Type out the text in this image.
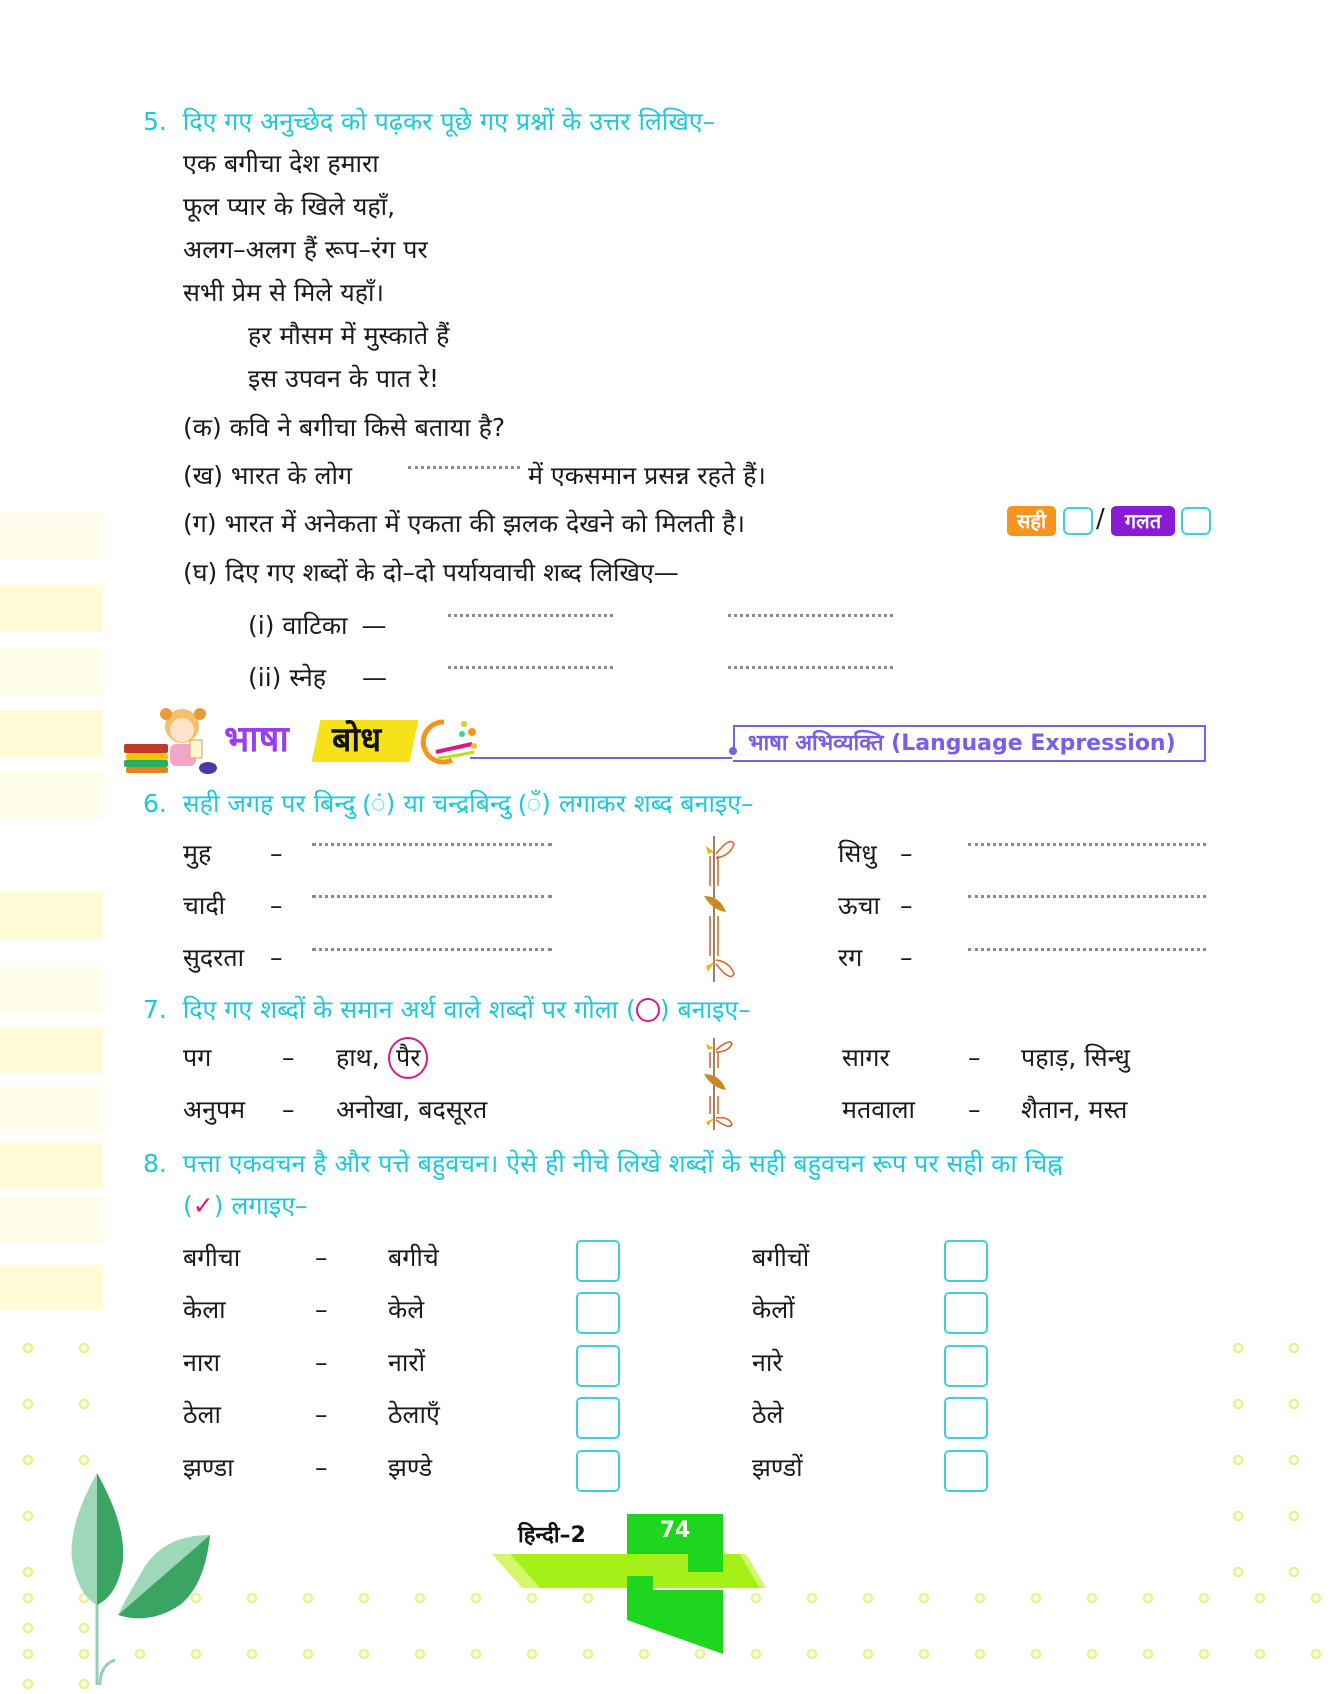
5. दिए गए अनुच्छेद को पढ़कर पूछे गए प्रश्नों के उत्तर लिखिए–
एक बगीचा देश हमारा
फूल प्यार के खिले यहाँ,
अलग–अलग हैं रूप–रंग पर
सभी प्रेम से मिले यहाँ।
हर मौसम में मुस्काते हैं
इस उपवन के पात रे!
(क) कवि ने बगीचा किसे बताया है?
(ख) भारत के लोग	में एकसमान प्रसन्न रहते हैं।
(ग) भारत में अनेकता में एकता की झलक देखने को मिलती है।	सही	/	गलत
(घ) दिए गए शब्दों के दो–दो पर्यायवाची शब्द लिखिए—
(i) वाटिका —
(ii) स्नेह —
भाषा बोध	भाषा अभिव्यक्ति (Language Expression)
6. सही जगह पर बिन्दु (ं) या चन्द्रबिन्दु (ँ) लगाकर शब्द बनाइए–
मुह –
चादी –
सुदरता –
सिधु –
ऊचा –
रग –
7. दिए गए शब्दों के समान अर्थ वाले शब्दों पर गोला ( ) बनाइए–
पग	– हाथ, पैर
अनुपम – अनोखा, बदसूरत
सागर	– पहाड़, सिन्धु
मतवाला – शैतान, मस्त
8. पत्ता एकवचन है और पत्ते बहुवचन। ऐसे ही नीचे लिखे शब्दों के सही बहुवचन रूप पर सही का चिह्न
(✓) लगाइए–
बगीचा	– बगीचे	बगीचों
केला	– केले	केलों
नारा	– नारों	नारे
ठेला	– ठेलाएँ	ठेले
झण्डा	– झण्डे	झण्डों
हिन्दी–2	74
